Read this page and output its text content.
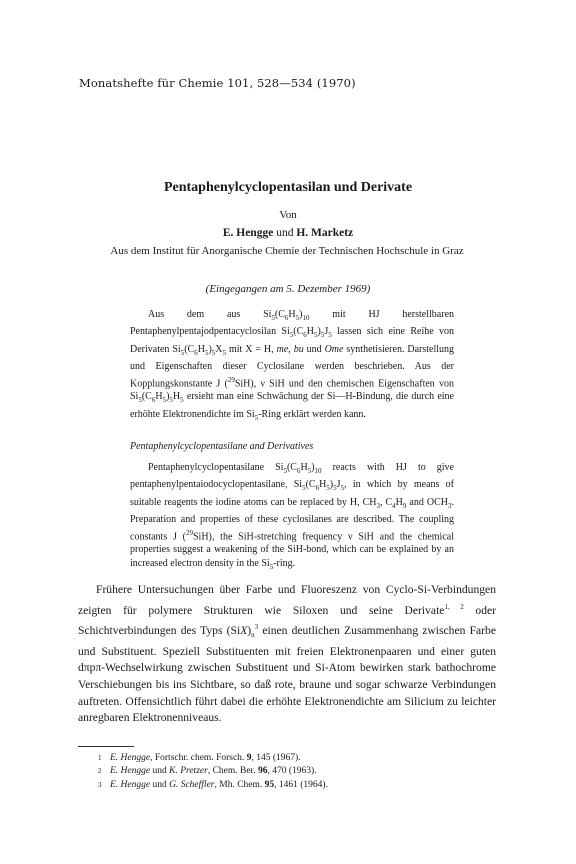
Monatshefte für Chemie 101, 528—534 (1970)
Pentaphenylcyclopentasilan und Derivate
Von
E. Hengge und H. Marketz
Aus dem Institut für Anorganische Chemie der Technischen Hochschule in Graz
(Eingegangen am 5. Dezember 1969)

Aus dem aus $Si_5(C_6H_5)_{10}$ mit HJ herstellbaren Pentaphenylpentajodpentacyclosilan $Si_5(C_6H_5)_5J_5$ lassen sich eine Reihe von Derivaten $Si_5(C_6H_5)_5X_5$ mit X = H, me, bu und Ome synthetisieren. Darstellung und Eigenschaften dieser Cyclosilane werden beschrieben. Aus der Kopplungskonstante J ($^{29}$SiH), ν SiH und den chemischen Eigenschaften von $Si_5(C_6H_5)_5H_5$ ersieht man eine Schwächung der Si—H-Bindung, die durch eine erhöhte Elektronendichte im $Si_5$-Ring erklärt werden kann.

Pentaphenylcyclopentasilane and Derivatives

Pentaphenylcyclopentasilane $Si_5(C_6H_5)_{10}$ reacts with HJ to give pentaphenylpentaiodocyclopentasilane, $Si_5(C_6H_5)_5J_5$, in which by means of suitable reagents the iodine atoms can be replaced by H, $CH_3$, $C_4H_9$ and $OCH_3$. Preparation and properties of these cyclosilanes are described. The coupling constants J ($^{29}$SiH), the SiH-stretching frequency ν SiH and the chemical properties suggest a weakening of the SiH-bond, which can be explained by an increased electron density in the $Si_5$-ring.

Frühere Untersuchungen über Farbe und Fluoreszenz von Cyclo-Si-Verbindungen zeigten für polymere Strukturen wie Siloxen und seine Derivate$^{1, 2}$ oder Schichtverbindungen des Typs $(SiX)_n^3$ einen deutlichen Zusammenhang zwischen Farbe und Substituent. Speziell Substituenten mit freien Elektronenpaaren und einer guten dπpπ-Wechselwirkung zwischen Substituent und Si-Atom bewirken stark bathochrome Verschiebungen bis ins Sichtbare, so daß rote, braune und sogar schwarze Verbindungen auftreten. Offensichtlich führt dabei die erhöhte Elektronendichte am Silicium zu leichter anregbaren Elektronenniveaus.

1 E. Hengge, Fortschr. chem. Forsch. 9, 145 (1967).
2 E. Hengge und K. Pretzer, Chem. Ber. 96, 470 (1963).
3 E. Hengge und G. Scheffler, Mh. Chem. 95, 1461 (1964).
